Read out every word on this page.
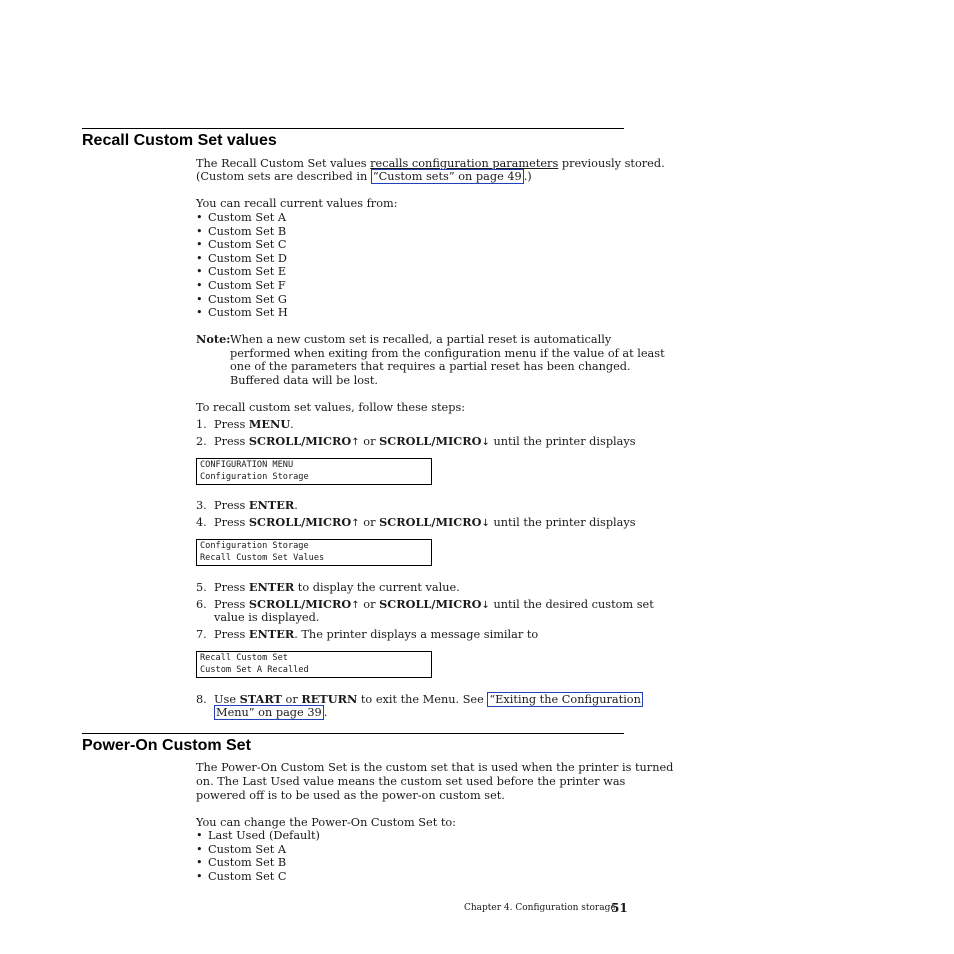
Recall Custom Set values
The Recall Custom Set values recalls configuration parameters previously stored.
(Custom sets are described in “Custom sets” on page 49 .)
You can recall current values from:
• Custom Set A
• Custom Set B
• Custom Set C
• Custom Set D
• Custom Set E
• Custom Set F
• Custom Set G
• Custom Set H
Note: When a new custom set is recalled, a partial reset is automatically
performed when exiting from the configuration menu if the value of at least
one of the parameters that requires a partial reset has been changed.
Buffered data will be lost.
To recall custom set values, follow these steps:
1. Press MENU.
2. Press SCROLL/MICRO↑ or SCROLL/MICRO↓ until the printer displays
CONFIGURATION MENU
Configuration Storage
3. Press ENTER.
4. Press SCROLL/MICRO↑ or SCROLL/MICRO↓ until the printer displays
Configuration Storage
Recall Custom Set Values
5. Press ENTER to display the current value.
6. Press SCROLL/MICRO↑ or SCROLL/MICRO↓ until the desired custom set
value is displayed.
7. Press ENTER. The printer displays a message similar to
Recall Custom Set
Custom Set A Recalled
8. Use START or RETURN to exit the Menu. See “Exiting the Configuration
Menu” on page 39 .
Power-On Custom Set
The Power-On Custom Set is the custom set that is used when the printer is turned
on. The Last Used value means the custom set used before the printer was
powered off is to be used as the power-on custom set.
You can change the Power-On Custom Set to:
• Last Used (Default)
• Custom Set A
• Custom Set B
• Custom Set C
Chapter 4. Configuration storage
51
